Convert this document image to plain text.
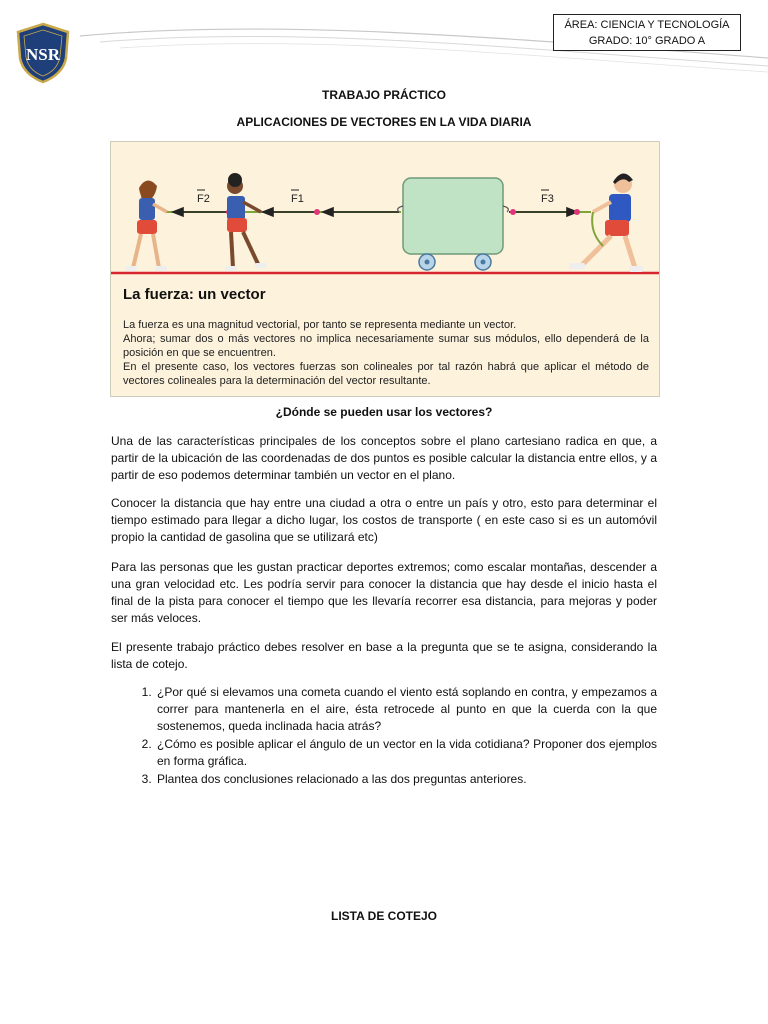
NSR
ÁREA: CIENCIA Y TECNOLOGÍA
GRADO: 10° GRADO A
TRABAJO PRÁCTICO
APLICACIONES DE VECTORES EN LA VIDA DIARIA
F2	F1	F3
La fuerza: un vector
La fuerza es una magnitud vectorial, por tanto se representa mediante un vector.
Ahora; sumar dos o más vectores no implica necesariamente sumar sus módulos, ello dependerá de la posición en que se encuentren.
En el presente caso, los vectores fuerzas son colineales por tal razón habrá que aplicar el método de vectores colineales para la determinación del vector resultante.
¿Dónde se pueden usar los vectores?
Una de las características principales de los conceptos sobre el plano cartesiano radica en que, a partir de la ubicación de las coordenadas de dos puntos es posible calcular la distancia entre ellos, y a partir de eso podemos determinar también un vector en el plano.
Conocer la distancia que hay entre una ciudad a otra o entre un país y otro, esto para determinar el tiempo estimado para llegar a dicho lugar, los costos de transporte ( en este caso si es un automóvil propio la cantidad de gasolina que se utilizará etc)
Para las personas que les gustan practicar deportes extremos; como escalar montañas, descender a una gran velocidad etc. Les podría servir para conocer la distancia que hay desde el inicio hasta el final de la pista para conocer el tiempo que les llevaría recorrer esa distancia, para mejoras y poder ser más veloces.
El presente trabajo práctico debes resolver en base a la pregunta que se te asigna, considerando la lista de cotejo.
1. ¿Por qué si elevamos una cometa cuando el viento está soplando en contra, y empezamos a correr para mantenerla en el aire, ésta retrocede al punto en que la cuerda con la que sostenemos, queda inclinada hacia atrás?
2. ¿Cómo es posible aplicar el ángulo de un vector en la vida cotidiana? Proponer dos ejemplos en forma gráfica.
3. Plantea dos conclusiones relacionado a las dos preguntas anteriores.
LISTA DE COTEJO
